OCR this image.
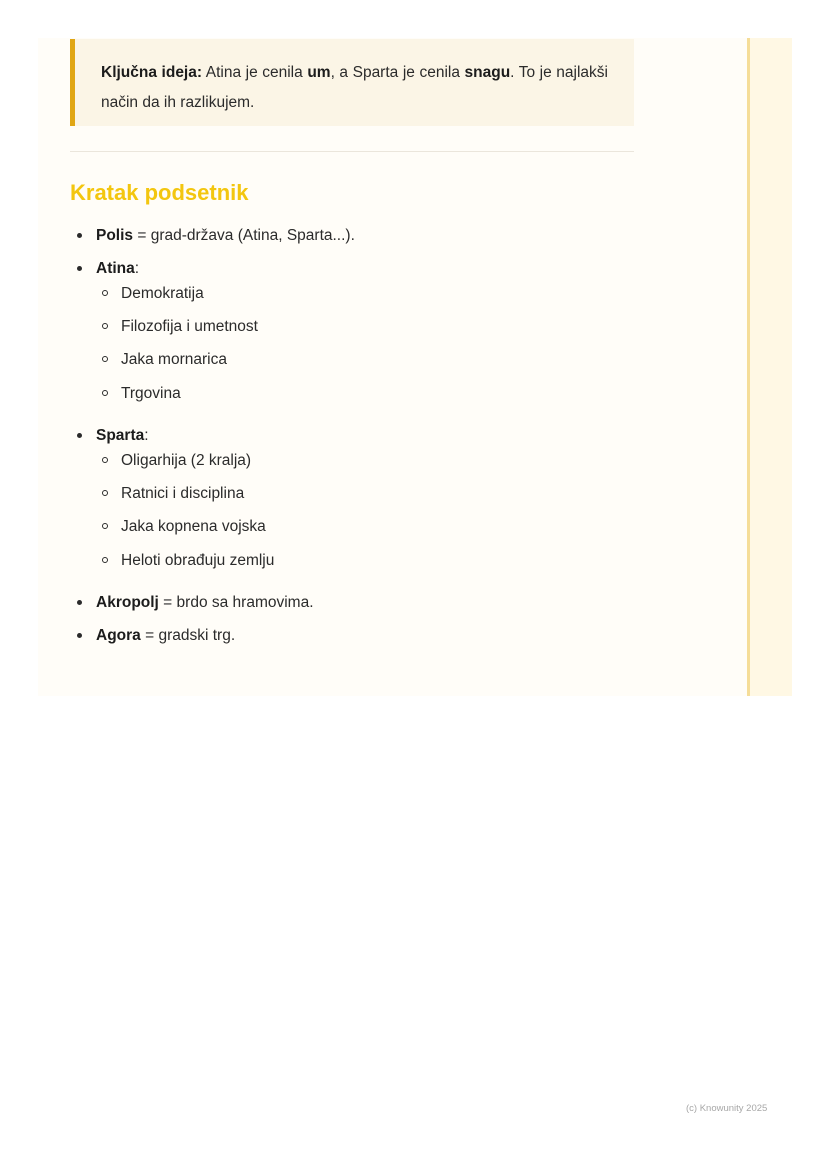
Ključna ideja: Atina je cenila um, a Sparta je cenila snagu. To je najlakši način da ih razlikujem.
Kratak podsetnik
Polis = grad-država (Atina, Sparta...).
Atina:
Demokratija
Filozofija i umetnost
Jaka mornarica
Trgovina
Sparta:
Oligarhija (2 kralja)
Ratnici i disciplina
Jaka kopnena vojska
Heloti obrađuju zemlju
Akropolj = brdo sa hramovima.
Agora = gradski trg.
(c) Knowunity 2025
